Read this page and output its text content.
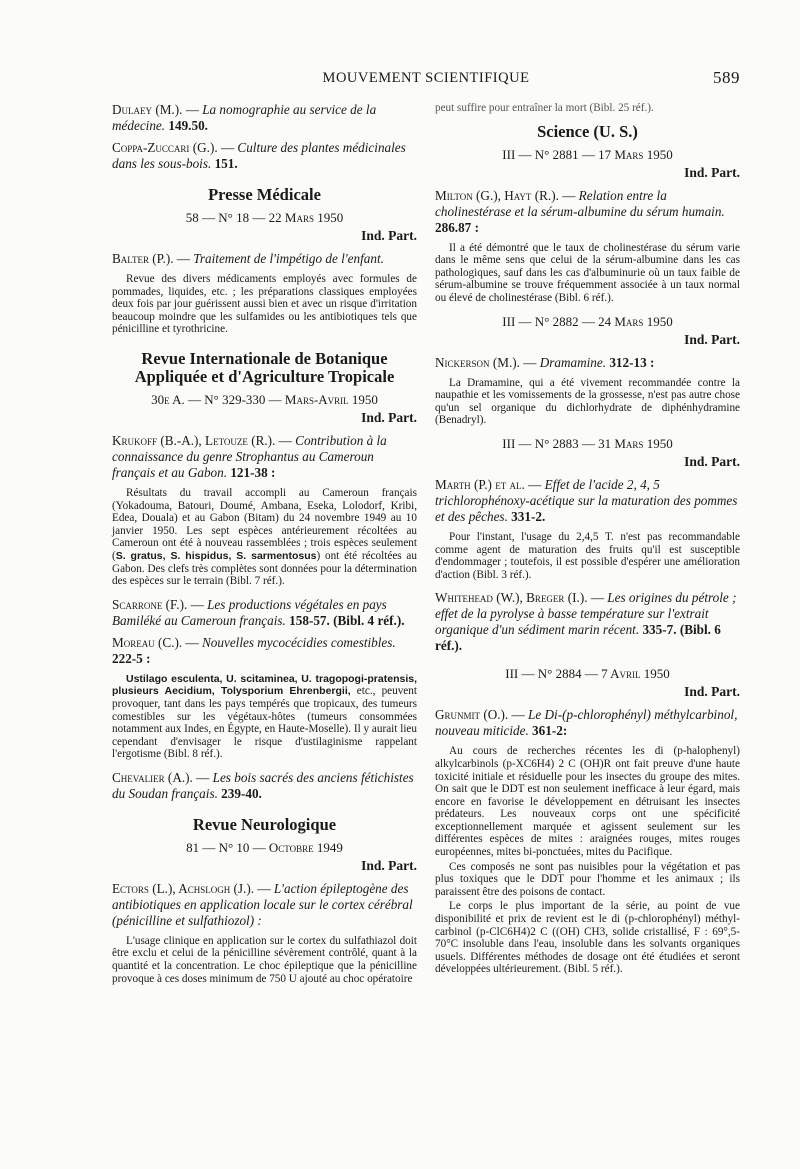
MOUVEMENT SCIENTIFIQUE	589
Dulaey (M.). — La nomographie au service de la médecine. 149.50.
Coppa-Zuccari (G.). — Culture des plantes médicinales dans les sous-bois. 151.
Presse Médicale
58 — N° 18 — 22 Mars 1950
Ind. Part.
Balter (P.). — Traitement de l'impétigo de l'enfant.
Revue des divers médicaments employés avec formules de pommades, liquides, etc. ; les préparations classiques employées deux fois par jour guérissent aussi bien et avec un risque d'irritation beaucoup moindre que les sulfamides ou les antibiotiques tels que pénicilline et tyrothricine.
Revue Internationale de Botanique Appliquée et d'Agriculture Tropicale
30e A. — N° 329-330 — Mars-Avril 1950
Ind. Part.
Krukoff (B.-A.), Letouze (R.). — Contribution à la connaissance du genre Strophantus au Cameroun français et au Gabon. 121-38 :
Résultats du travail accompli au Cameroun français (Yokadouma, Batouri, Doumé, Ambana, Eseka, Lolodorf, Kribi, Edea, Douala) et au Gabon (Bitam) du 24 novembre 1949 au 10 janvier 1950. Les sept espèces antérieurement récoltées au Cameroun ont été à nouveau rassemblées ; trois espèces seulement (S. gratus, S. hispidus, S. sarmentosus) ont été récoltées au Gabon. Des clefs très complètes sont données pour la détermination des espèces sur le terrain (Bibl. 7 réf.).
Scarrone (F.). — Les productions végétales en pays Bamiléké au Cameroun français. 158-57. (Bibl. 4 réf.).
Moreau (C.). — Nouvelles mycocécidies comestibles. 222-5 :
Ustilago esculenta, U. scitaminea, U. tragopogi-pratensis, plusieurs Aecidium, Tolysporium Ehrenbergii, etc., peuvent provoquer, tant dans les pays tempérés que tropicaux, des tumeurs comestibles sur les végétaux-hôtes (tumeurs consommées notamment aux Indes, en Égypte, en Haute-Moselle). Il y aurait lieu cependant d'envisager le risque d'ustilaginisme rappelant l'ergotisme (Bibl. 8 réf.).
Chevalier (A.). — Les bois sacrés des anciens fétichistes du Soudan français. 239-40.
Revue Neurologique
81 — N° 10 — Octobre 1949
Ind. Part.
Ectors (L.), Achslogh (J.). — L'action épileptogène des antibiotiques en application locale sur le cortex cérébral (pénicilline et sulfathiozol) :
L'usage clinique en application sur le cortex du sulfathiazol doit être exclu et celui de la pénicilline sévèrement contrôlé, quant à la quantité et la concentration. Le choc épileptique que la pénicilline provoque à ces doses minimum de 750 U ajouté au choc opératoire
peut suffire pour entraîner la mort (Bibl. 25 réf.).
Science (U. S.)
III — N° 2881 — 17 Mars 1950
Ind. Part.
Milton (G.), Hayt (R.). — Relation entre la cholinestérase et la sérum-albumine du sérum humain. 286.87 :
Il a été démontré que le taux de cholinestérase du sérum varie dans le même sens que celui de la sérum-albumine dans les cas pathologiques, sauf dans les cas d'albuminurie où un taux faible de sérum-albumine se trouve fréquemment associée à un taux normal ou élevé de cholinestérase (Bibl. 6 réf.).
III — N° 2882 — 24 Mars 1950
Ind. Part.
Nickerson (M.). — Dramamine. 312-13 :
La Dramamine, qui a été vivement recommandée contre la naupathie et les vomissements de la grossesse, n'est pas autre chose qu'un sel organique du dichlorhydrate de diphénhydramine (Benadryl).
III — N° 2883 — 31 Mars 1950
Ind. Part.
Marth (P.) et al. — Effet de l'acide 2, 4, 5 trichlorophénoxy-acétique sur la maturation des pommes et des pêches. 331-2.
Pour l'instant, l'usage du 2,4,5 T. n'est pas recommandable comme agent de maturation des fruits qu'il est susceptible d'endommager ; toutefois, il est possible d'espérer une amélioration d'action (Bibl. 3 réf.).
Whitehead (W.), Breger (I.). — Les origines du pétrole ; effet de la pyrolyse à basse température sur l'extrait organique d'un sédiment marin récent. 335-7. (Bibl. 6 réf.).
III — N° 2884 — 7 Avril 1950
Ind. Part.
Grunmit (O.). — Le Di-(p-chlorophényl) méthylcarbinol, nouveau miticide. 361-2:
Au cours de recherches récentes les di (p-halophenyl) alkylcarbinols (p-XC6H4) 2 C (OH)R ont fait preuve d'une haute toxicité initiale et résiduelle pour les insectes du groupe des mites. On sait que le DDT est non seulement inefficace à leur égard, mais encore en favorise le développement en détruisant les insectes prédateurs. Les nouveaux corps ont une spécificité exceptionnellement marquée et agissent seulement sur les différentes espèces de mites : araignées rouges, mites rouges européennes, mites bi-ponctuées, mites du Pacifique.
Ces composés ne sont pas nuisibles pour la végétation et pas plus toxiques que le DDT pour l'homme et les animaux ; ils paraissent être des poisons de contact.
Le corps le plus important de la série, au point de vue disponibilité et prix de revient est le di (p-chlorophényl) méthyl-carbinol (p-ClC6H4)2 C ((OH) CH3, solide cristallisé, F : 69°,5-70°C insoluble dans l'eau, insoluble dans les solvants organiques usuels. Différentes méthodes de dosage ont été étudiées et seront développées ultérieurement. (Bibl. 5 réf.).
